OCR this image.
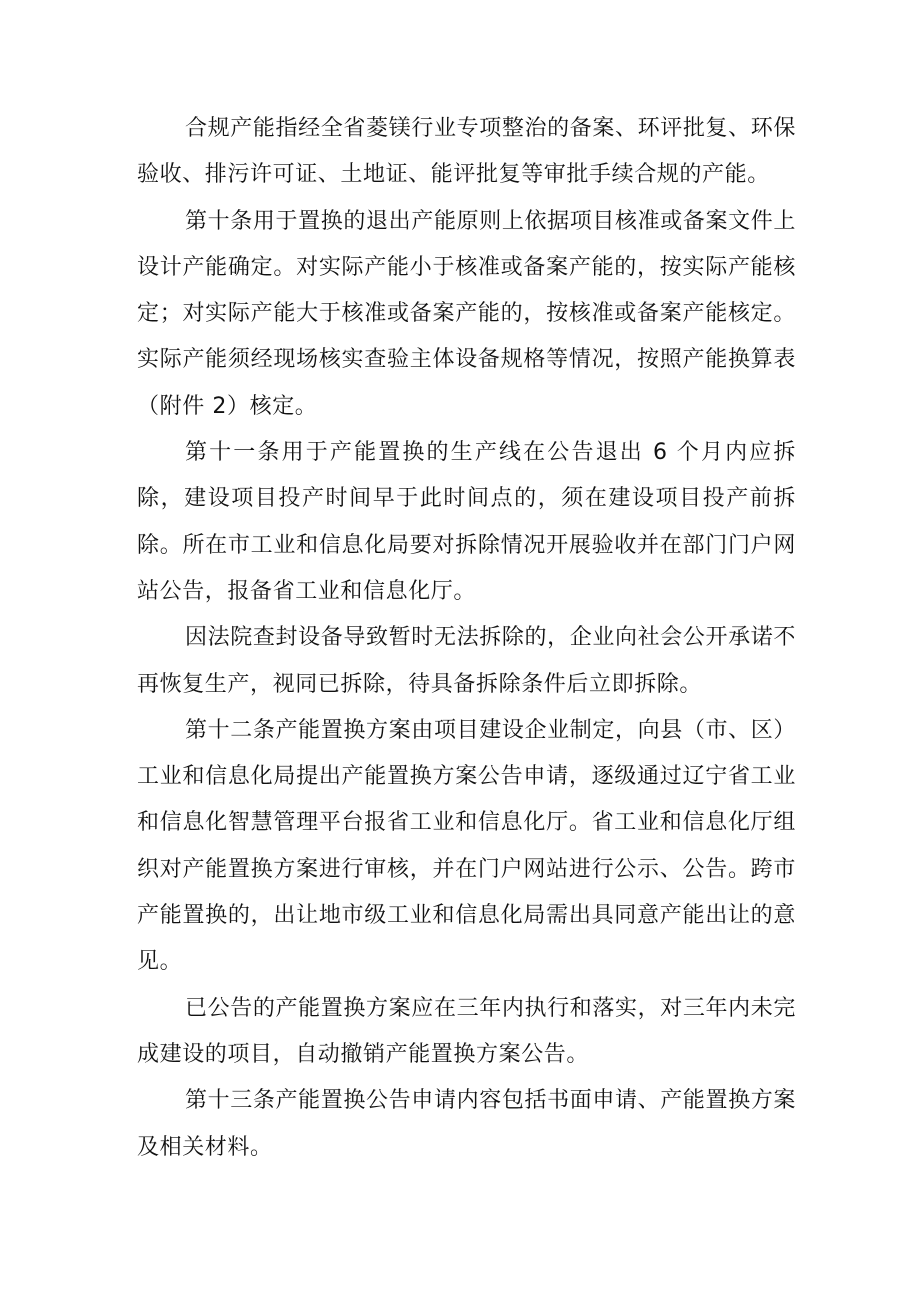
合规产能指经全省菱镁行业专项整治的备案、环评批复、环保验收、排污许可证、土地证、能评批复等审批手续合规的产能。

第十条用于置换的退出产能原则上依据项目核准或备案文件上设计产能确定。对实际产能小于核准或备案产能的，按实际产能核定；对实际产能大于核准或备案产能的，按核准或备案产能核定。实际产能须经现场核实查验主体设备规格等情况，按照产能换算表（附件 2）核定。

第十一条用于产能置换的生产线在公告退出 6 个月内应拆除，建设项目投产时间早于此时间点的，须在建设项目投产前拆除。所在市工业和信息化局要对拆除情况开展验收并在部门门户网站公告，报备省工业和信息化厅。

因法院查封设备导致暂时无法拆除的，企业向社会公开承诺不再恢复生产，视同已拆除，待具备拆除条件后立即拆除。

第十二条产能置换方案由项目建设企业制定，向县（市、区）工业和信息化局提出产能置换方案公告申请，逐级通过辽宁省工业和信息化智慧管理平台报省工业和信息化厅。省工业和信息化厅组织对产能置换方案进行审核，并在门户网站进行公示、公告。跨市产能置换的，出让地市级工业和信息化局需出具同意产能出让的意见。

已公告的产能置换方案应在三年内执行和落实，对三年内未完成建设的项目，自动撤销产能置换方案公告。

第十三条产能置换公告申请内容包括书面申请、产能置换方案及相关材料。
